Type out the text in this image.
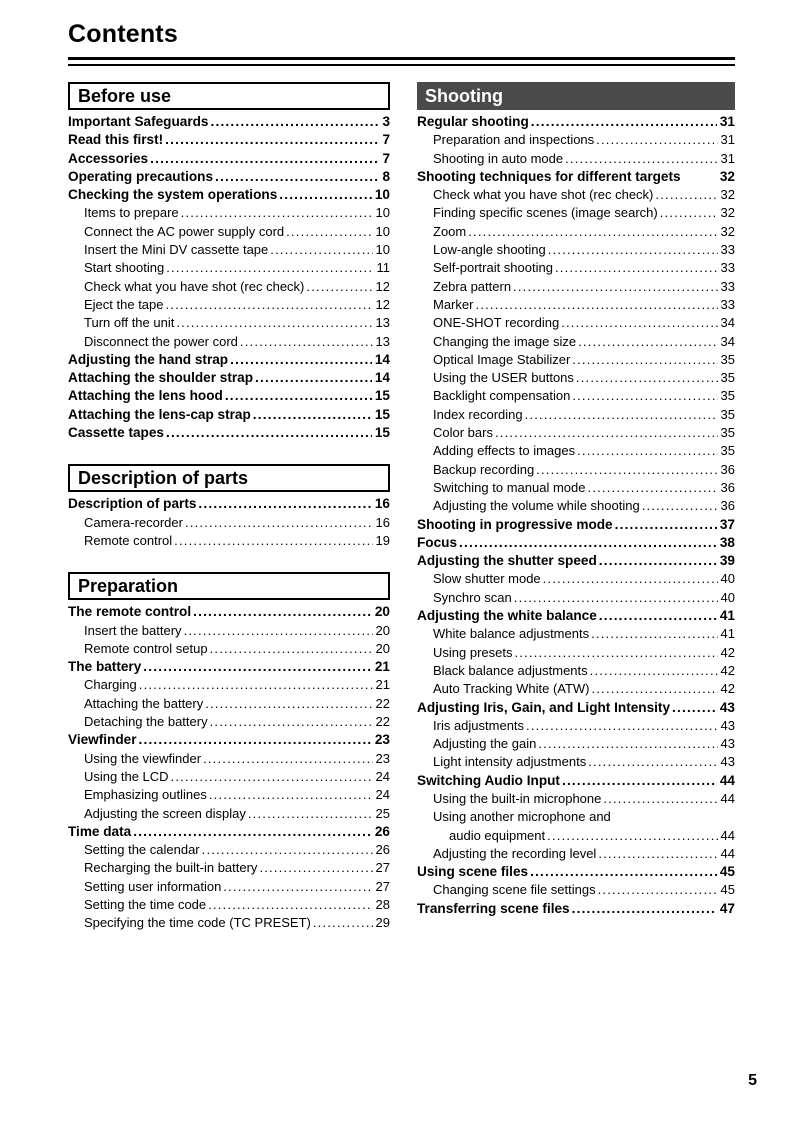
Contents
Before use
Important Safeguards .....	3
Read this first! .....	7
Accessories .....	7
Operating precautions .....	8
Checking the system operations .....	10
Items to prepare .....	10
Connect the AC power supply cord .....	10
Insert the Mini DV cassette tape .....	10
Start shooting .....	11
Check what you have shot (rec check) .....	12
Eject the tape .....	12
Turn off the unit .....	13
Disconnect the power cord .....	13
Adjusting the hand strap .....	14
Attaching the shoulder strap .....	14
Attaching the lens hood .....	15
Attaching the lens-cap strap .....	15
Cassette tapes .....	15
Description of parts
Description of parts .....	16
Camera-recorder .....	16
Remote control .....	19
Preparation
The remote control .....	20
Insert the battery .....	20
Remote control setup .....	20
The battery .....	21
Charging .....	21
Attaching the battery .....	22
Detaching the battery .....	22
Viewfinder .....	23
Using the viewfinder .....	23
Using the LCD .....	24
Emphasizing outlines .....	24
Adjusting the screen display .....	25
Time data .....	26
Setting the calendar .....	26
Recharging the built-in battery .....	27
Setting user information .....	27
Setting the time code .....	28
Specifying the time code (TC PRESET) .....	29
Shooting
Regular shooting .....	31
Preparation and inspections .....	31
Shooting in auto mode .....	31
Shooting techniques for different targets	32
Check what you have shot (rec check) .....	32
Finding specific scenes (image search) .....	32
Zoom .....	32
Low-angle shooting .....	33
Self-portrait shooting .....	33
Zebra pattern .....	33
Marker .....	33
ONE-SHOT recording .....	34
Changing the image size .....	34
Optical Image Stabilizer .....	35
Using the USER buttons .....	35
Backlight compensation .....	35
Index recording .....	35
Color bars .....	35
Adding effects to images .....	35
Backup recording .....	36
Switching to manual mode .....	36
Adjusting the volume while shooting .....	36
Shooting in progressive mode .....	37
Focus .....	38
Adjusting the shutter speed .....	39
Slow shutter mode .....	40
Synchro scan .....	40
Adjusting the white balance .....	41
White balance adjustments .....	41
Using presets .....	42
Black balance adjustments .....	42
Auto Tracking White (ATW) .....	42
Adjusting Iris, Gain, and Light Intensity .....	43
Iris adjustments .....	43
Adjusting the gain .....	43
Light intensity adjustments .....	43
Switching Audio Input .....	44
Using the built-in microphone .....	44
Using another microphone and
audio equipment .....	44
Adjusting the recording level .....	44
Using scene files .....	45
Changing scene file settings .....	45
Transferring scene files .....	47
5
